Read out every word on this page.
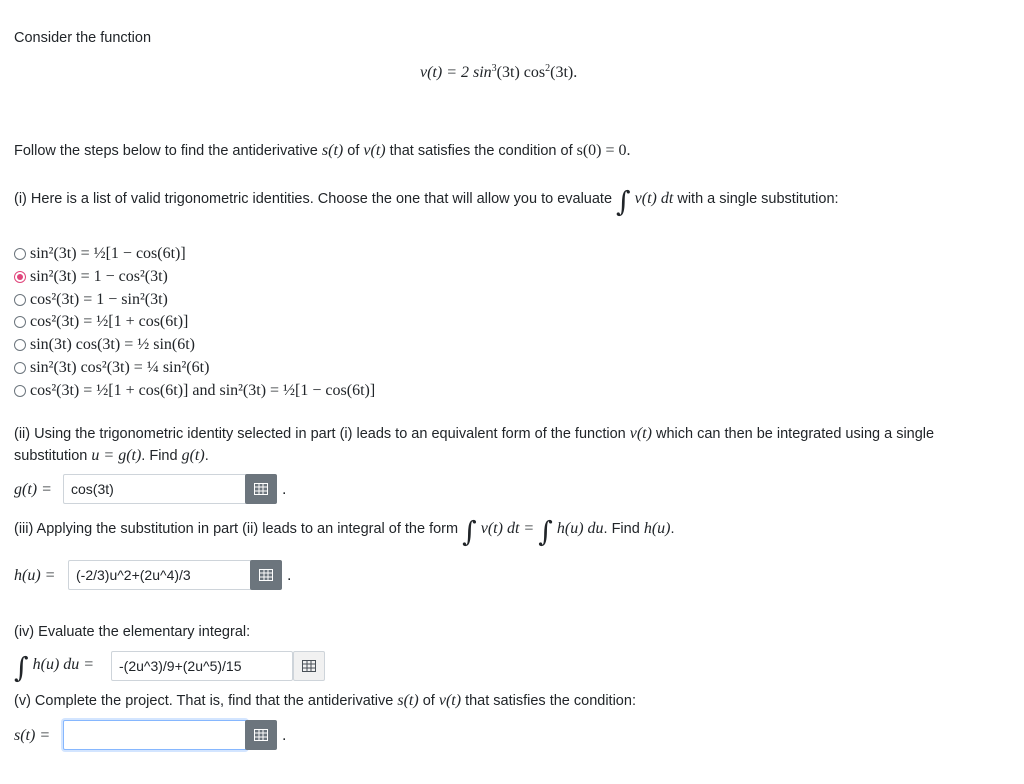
Consider the function
v(t) = 2 $\sin^3(3t)$ $\cos^2(3t)$.
Follow the steps below to find the antiderivative s(t) of v(t) that satisfies the condition of s(0) = 0.
(i) Here is a list of valid trigonometric identities. Choose the one that will allow you to evaluate ∫ v(t) dt with a single substitution:
sin²(3t) = ½[1 − cos(6t)]
sin²(3t) = 1 − cos²(3t)
cos²(3t) = 1 − sin²(3t)
cos²(3t) = ½[1 + cos(6t)]
sin(3t) cos(3t) = ½ sin(6t)
sin²(3t) cos²(3t) = ¼ sin²(6t)
cos²(3t) = ½[1 + cos(6t)] and sin²(3t) = ½[1 − cos(6t)]
(ii) Using the trigonometric identity selected in part (i) leads to an equivalent form of the function v(t) which can then be integrated using a single
substitution u = g(t). Find g(t).
g(t) =	cos(3t)	.
(iii) Applying the substitution in part (ii) leads to an integral of the form ∫ v(t) dt = ∫ h(u) du. Find h(u).
h(u) =	(-2/3)u^2+(2u^4)/3	.
(iv) Evaluate the elementary integral:
∫ h(u) du =	-(2u^3)/9+(2u^5)/15
(v) Complete the project. That is, find that the antiderivative s(t) of v(t) that satisfies the condition:
s(t) =	.
